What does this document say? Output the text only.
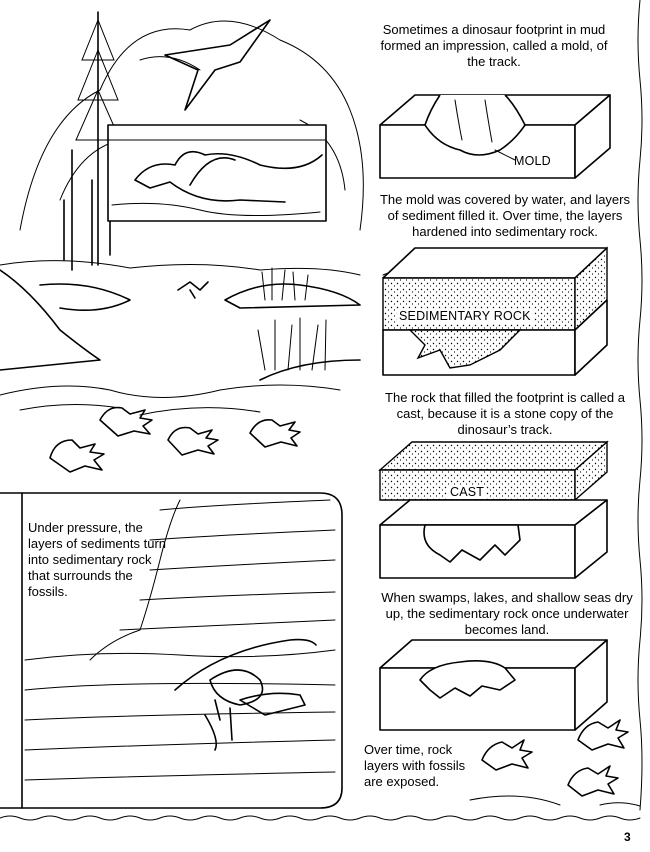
Sometimes a dinosaur footprint in mud formed an impression, called a mold, of the track.
The mold was covered by water, and layers of sediment filled it. Over time, the layers hardened into sedimentary rock.
The rock that filled the footprint is called a cast, because it is a stone copy of the dinosaur’s track.
When swamps, lakes, and shallow seas dry up, the sedimentary rock once underwater becomes land.
Over time, rock layers with fossils are exposed.
Under pressure, the layers of sediments turn into sedimentary rock that surrounds the fossils.
MOLD
SEDIMENTARY ROCK
CAST
3
